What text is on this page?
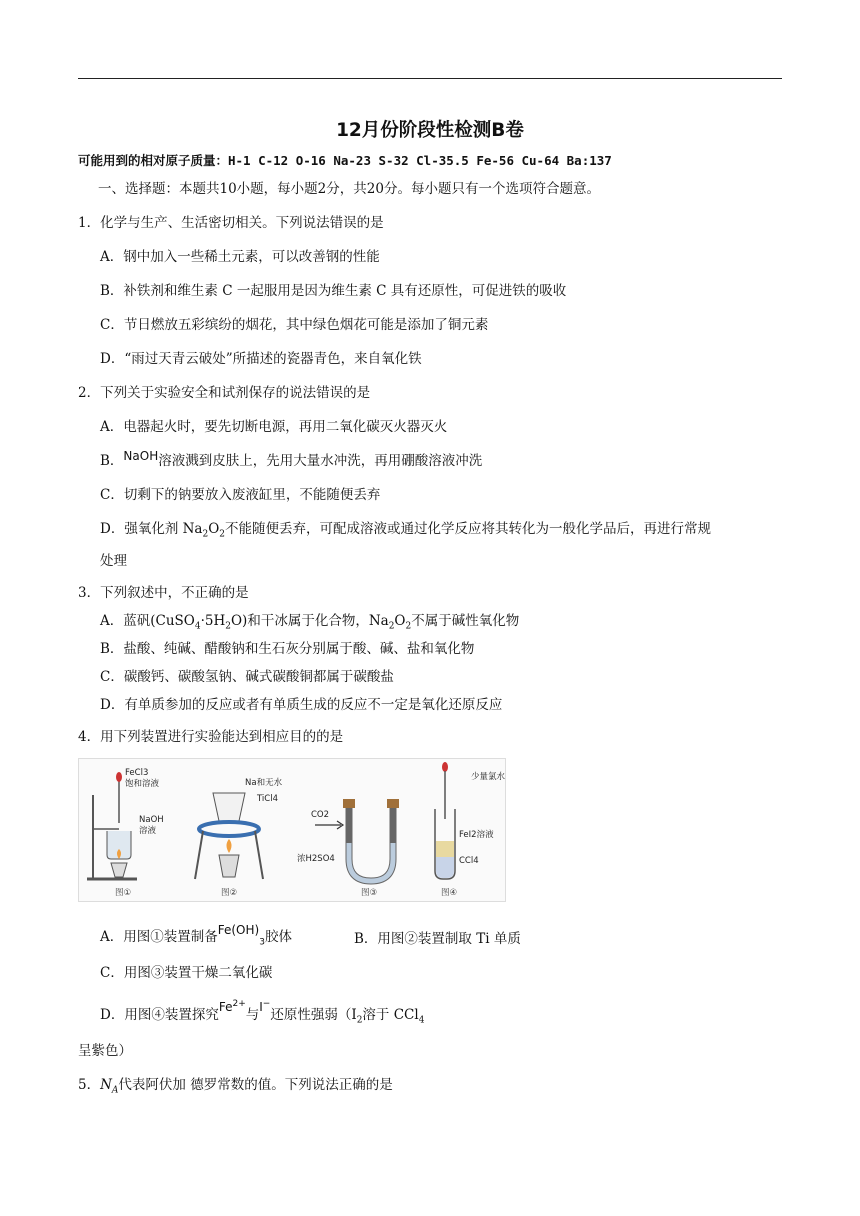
12月份阶段性检测B卷
可能用到的相对原子质量：H-1 C-12 O-16 Na-23 S-32 Cl-35.5 Fe-56 Cu-64 Ba:137
一、选择题：本题共10小题，每小题2分，共20分。每小题只有一个选项符合题意。
1．化学与生产、生活密切相关。下列说法错误的是
A．钢中加入一些稀土元素，可以改善钢的性能
B．补铁剂和维生素 C 一起服用是因为维生素 C 具有还原性，可促进铁的吸收
C．节日燃放五彩缤纷的烟花，其中绿色烟花可能是添加了铜元素
D．“雨过天青云破处”所描述的瓷器青色，来自氧化铁
2．下列关于实验安全和试剂保存的说法错误的是
A．电器起火时，要先切断电源，再用二氧化碳灭火器灭火
B．NaOH溶液溅到皮肤上，先用大量水冲洗，再用硼酸溶液冲洗
C．切剩下的钠要放入废液缸里，不能随便丢弃
D．强氧化剂 $Na_2O_2$不能随便丢弃，可配成溶液或通过化学反应将其转化为一般化学品后，再进行常规
处理
3．下列叙述中，不正确的是
A．蓝矾$(CuSO_4\cdot 5H_2O)$和干冰属于化合物，$Na_2O_2$不属于碱性氧化物
B．盐酸、纯碱、醋酸钠和生石灰分别属于酸、碱、盐和氧化物
C．碳酸钙、碳酸氢钠、碱式碳酸铜都属于碳酸盐
D．有单质参加的反应或者有单质生成的反应不一定是氧化还原反应
4．用下列装置进行实验能达到相应目的的是
FeCl3
饱和溶液
NaOH
溶液
Na和无水
TiCl4
CO2
浓H2SO4
少量氯水
FeI2溶液
CCl4
图①	图②	图③	图④
A．用图①装置制备$Fe(OH)_3$胶体	B．用图②装置制取 Ti 单质
C．用图③装置干燥二氧化碳
D．用图④装置探究$Fe^{2+}$与I−还原性强弱（$I_2$溶于 CCl$_4$
呈紫色）
5．$N_A$代表阿伏加 德罗常数的值。下列说法正确的是
